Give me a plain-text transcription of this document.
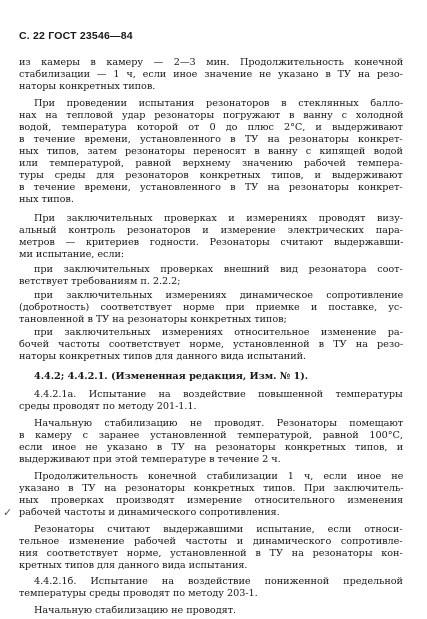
С. 22 ГОСТ 23546—84
из камеры в камеру — 2—3 мин. Продолжительность конечной
стабилизации — 1 ч, если иное значение не указано в ТУ на резо-
наторы конкретных типов.
При проведении испытания резонаторов в стеклянных балло-
нах на тепловой удар резонаторы погружают в ванну с холодной
водой, температура которой от 0 до плюс 2°С, и выдерживают
в течение времени, установленного в ТУ на резонаторы конкрет-
ных типов, затем резонаторы переносят в ванну с кипящей водой
или температурой, равной верхнему значению рабочей темпера-
туры среды для резонаторов конкретных типов, и выдерживают
в течение времени, установленного в ТУ на резонаторы конкрет-
ных типов.
При заключительных проверках и измерениях проводят визу-
альный контроль резонаторов и измерение электрических пара-
метров — критериев годности. Резонаторы считают выдержавши-
ми испытание, если:
при заключительных проверках внешний вид резонатора соот-
ветствует требованиям п. 2.2.2;
при заключительных измерениях динамическое сопротивление
(добротность) соответствует норме при приемке и поставке, ус-
тановленной в ТУ на резонаторы конкретных типов;
при заключительных измерениях относительное изменение ра-
бочей частоты соответствует норме, установленной в ТУ на резо-
наторы конкретных типов для данного вида испытаний.
4.4.2; 4.4.2.1. (Измененная редакция, Изм. № 1).
4.4.2.1а. Испытание на воздействие повышенной температуры
среды проводят по методу 201-1.1.
Начальную стабилизацию не проводят. Резонаторы помещают
в камеру с заранее установленной температурой, равной 100°С,
если иное не указано в ТУ на резонаторы конкретных типов, и
выдерживают при этой температуре в течение 2 ч.
Продолжительность конечной стабилизации 1 ч, если иное не
указано в ТУ на резонаторы конкретных типов. При заключитель-
ных проверках производят измерение относительного изменения
рабочей частоты и динамического сопротивления.
Резонаторы считают выдержавшими испытание, если относи-
тельное изменение рабочей частоты и динамического сопротивле-
ния соответствует норме, установленной в ТУ на резонаторы кон-
кретных типов для данного вида испытания.
4.4.2.1б. Испытание на воздействие пониженной предельной
температуры среды проводят по методу 203-1.
Начальную стабилизацию не проводят.
✓
